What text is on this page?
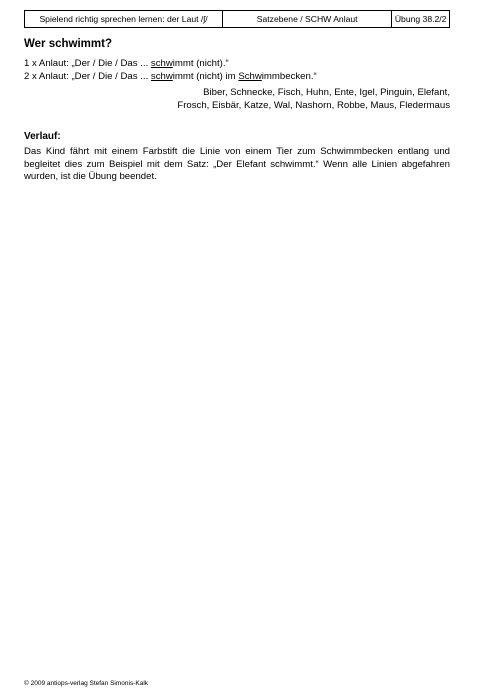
Spielend richtig sprechen lernen: der Laut /ʃ/	Satzebene / SCHW Anlaut	Übung 38.2/2
Wer schwimmt?
1 x Anlaut: „Der / Die / Das ... schwimmt (nicht).“
2 x Anlaut: „Der / Die / Das ... schwimmt (nicht) im Schwimmbecken.“
Biber, Schnecke, Fisch, Huhn, Ente, Igel, Pinguin, Elefant,
Frosch, Eisbär, Katze, Wal, Nashorn, Robbe, Maus, Fledermaus
Verlauf:
Das Kind fährt mit einem Farbstift die Linie von einem Tier zum Schwimmbecken entlang und begleitet dies zum Beispiel mit dem Satz: „Der Elefant schwimmt.“ Wenn alle Linien abgefahren wurden, ist die Übung beendet.
© 2009 antiops-verlag Stefan Simonis-Kalk
